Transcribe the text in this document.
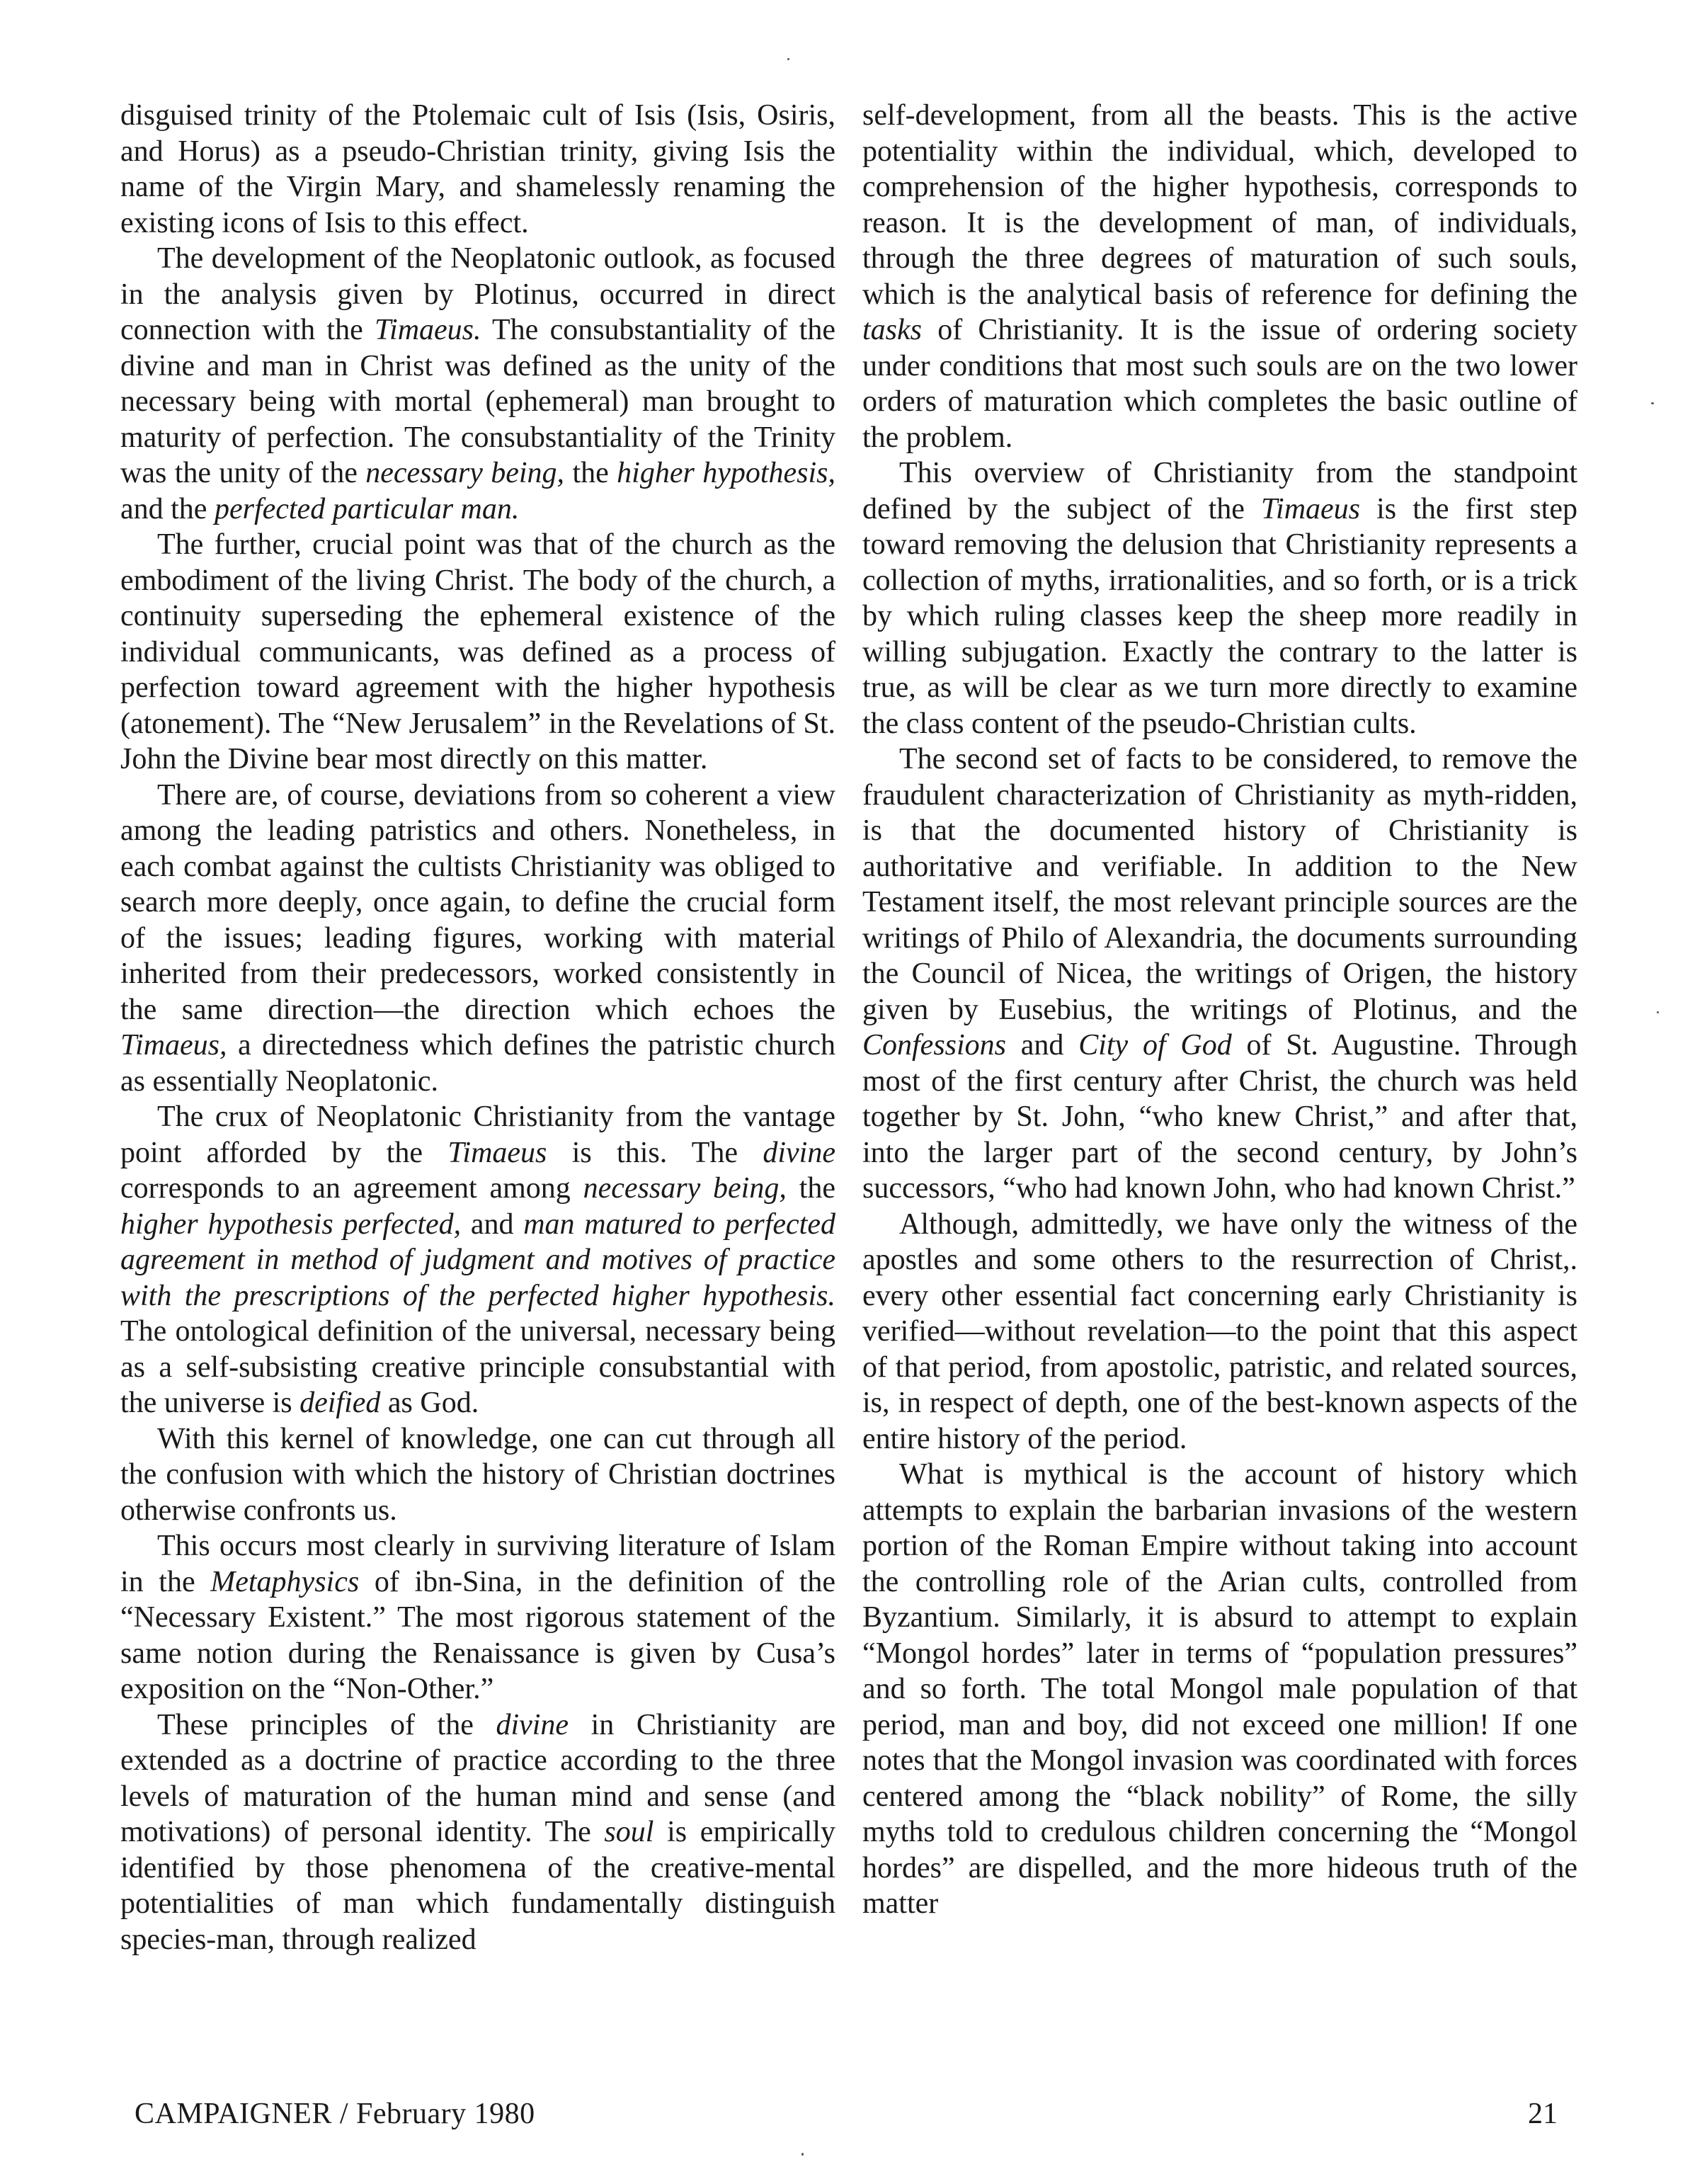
disguised trinity of the Ptolemaic cult of Isis (Isis, Osiris, and Horus) as a pseudo-Christian trinity, giving Isis the name of the Virgin Mary, and shamelessly renaming the existing icons of Isis to this effect.

The development of the Neoplatonic outlook, as focused in the analysis given by Plotinus, occurred in direct connection with the Timaeus. The consubstantiality of the divine and man in Christ was defined as the unity of the necessary being with mortal (ephemeral) man brought to maturity of perfection. The consubstantiality of the Trinity was the unity of the necessary being, the higher hypothesis, and the perfected particular man.

The further, crucial point was that of the church as the embodiment of the living Christ. The body of the church, a continuity superseding the ephemeral existence of the individual communicants, was defined as a process of perfection toward agreement with the higher hypothesis (atonement). The “New Jerusalem” in the Revelations of St. John the Divine bear most directly on this matter.

There are, of course, deviations from so coherent a view among the leading patristics and others. Nonetheless, in each combat against the cultists Christianity was obliged to search more deeply, once again, to define the crucial form of the issues; leading figures, working with material inherited from their predecessors, worked consistently in the same direction—the direction which echoes the Timaeus, a directedness which defines the patristic church as essentially Neoplatonic.

The crux of Neoplatonic Christianity from the vantage point afforded by the Timaeus is this. The divine corresponds to an agreement among necessary being, the higher hypothesis perfected, and man matured to perfected agreement in method of judgment and motives of practice with the prescriptions of the perfected higher hypothesis. The ontological definition of the universal, necessary being as a self-subsisting creative principle consubstantial with the universe is deified as God.

With this kernel of knowledge, one can cut through all the confusion with which the history of Christian doctrines otherwise confronts us.

This occurs most clearly in surviving literature of Islam in the Metaphysics of ibn-Sina, in the definition of the “Necessary Existent.” The most rigorous statement of the same notion during the Renaissance is given by Cusa’s exposition on the “Non-Other.”

These principles of the divine in Christianity are extended as a doctrine of practice according to the three levels of maturation of the human mind and sense (and motivations) of personal identity. The soul is empirically identified by those phenomena of the creative-mental potentialities of man which fundamentally distinguish species-man, through realized

self-development, from all the beasts. This is the active potentiality within the individual, which, developed to comprehension of the higher hypothesis, corresponds to reason. It is the development of man, of individuals, through the three degrees of maturation of such souls, which is the analytical basis of reference for defining the tasks of Christianity. It is the issue of ordering society under conditions that most such souls are on the two lower orders of maturation which completes the basic outline of the problem.

This overview of Christianity from the standpoint defined by the subject of the Timaeus is the first step toward removing the delusion that Christianity represents a collection of myths, irrationalities, and so forth, or is a trick by which ruling classes keep the sheep more readily in willing subjugation. Exactly the contrary to the latter is true, as will be clear as we turn more directly to examine the class content of the pseudo-Christian cults.

The second set of facts to be considered, to remove the fraudulent characterization of Christianity as myth-ridden, is that the documented history of Christianity is authoritative and verifiable. In addition to the New Testament itself, the most relevant principle sources are the writings of Philo of Alexandria, the documents surrounding the Council of Nicea, the writings of Origen, the history given by Eusebius, the writings of Plotinus, and the Confessions and City of God of St. Augustine. Through most of the first century after Christ, the church was held together by St. John, “who knew Christ,” and after that, into the larger part of the second century, by John’s successors, “who had known John, who had known Christ.”

Although, admittedly, we have only the witness of the apostles and some others to the resurrection of Christ,. every other essential fact concerning early Christianity is verified—without revelation—to the point that this aspect of that period, from apostolic, patristic, and related sources, is, in respect of depth, one of the best-known aspects of the entire history of the period.

What is mythical is the account of history which attempts to explain the barbarian invasions of the western portion of the Roman Empire without taking into account the controlling role of the Arian cults, controlled from Byzantium. Similarly, it is absurd to attempt to explain “Mongol hordes” later in terms of “population pressures” and so forth. The total Mongol male population of that period, man and boy, did not exceed one million! If one notes that the Mongol invasion was coordinated with forces centered among the “black nobility” of Rome, the silly myths told to credulous children concerning the “Mongol hordes” are dispelled, and the more hideous truth of the matter

CAMPAIGNER / February 1980	21
